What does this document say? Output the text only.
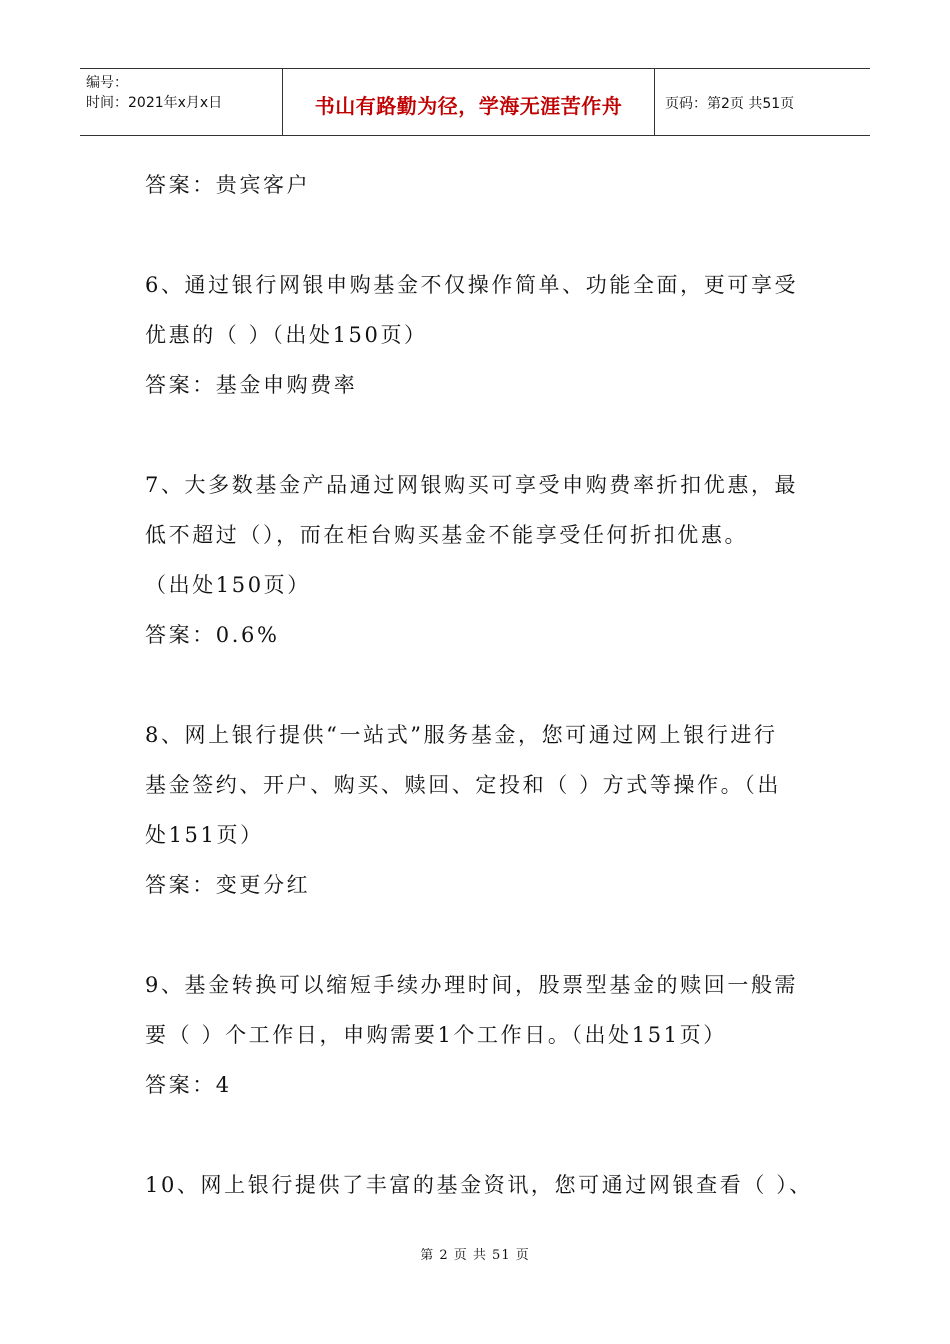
编号：
时间：2021年x月x日	书山有路勤为径，学海无涯苦作舟	页码：第2页 共51页
答案：贵宾客户
6、通过银行网银申购基金不仅操作简单、功能全面，更可享受
优惠的（ ）（出处150页）
答案：基金申购费率
7、大多数基金产品通过网银购买可享受申购费率折扣优惠，最
低不超过（），而在柜台购买基金不能享受任何折扣优惠。
（出处150页）
答案：0.6%
8、网上银行提供“一站式”服务基金，您可通过网上银行进行
基金签约、开户、购买、赎回、定投和（ ）方式等操作。（出
处151页）
答案：变更分红
9、基金转换可以缩短手续办理时间，股票型基金的赎回一般需
要（ ）个工作日，申购需要1个工作日。（出处151页）
答案：4
10、网上银行提供了丰富的基金资讯，您可通过网银查看（ ）、
第 2 页 共 51 页
